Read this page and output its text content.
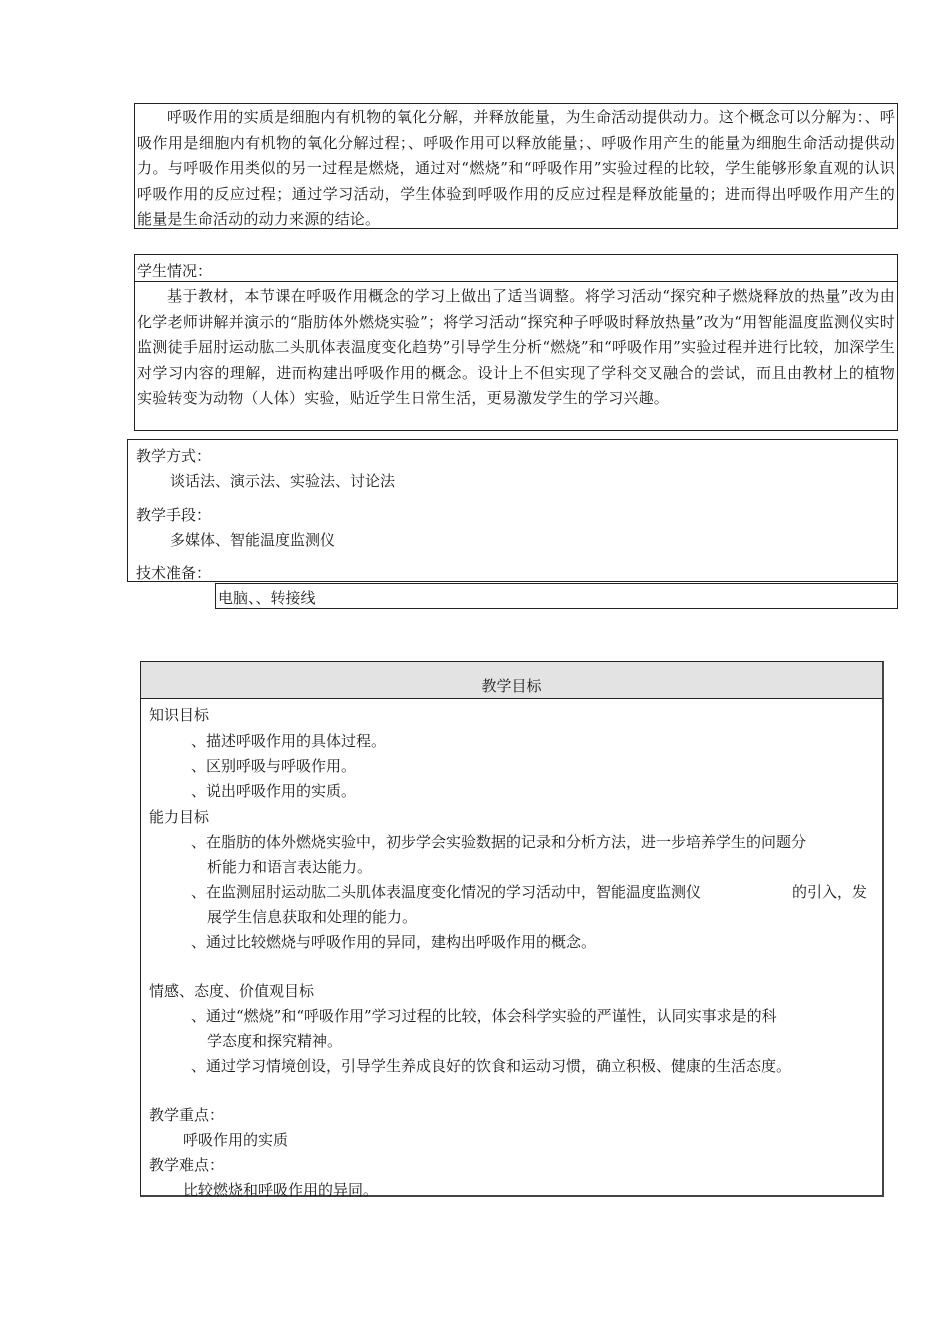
呼吸作用的实质是细胞内有机物的氧化分解，并释放能量，为生命活动提供动力。这个概念可以分解为：、呼吸作用是细胞内有机物的氧化分解过程；、呼吸作用可以释放能量；、呼吸作用产生的能量为细胞生命活动提供动力。与呼吸作用类似的另一过程是燃烧，通过对“燃烧”和“呼吸作用”实验过程的比较，学生能够形象直观的认识呼吸作用的反应过程；通过学习活动，学生体验到呼吸作用的反应过程是释放能量的；进而得出呼吸作用产生的能量是生命活动的动力来源的结论。
学生情况：
基于教材，本节课在呼吸作用概念的学习上做出了适当调整。将学习活动“探究种子燃烧释放的热量”改为由化学老师讲解并演示的“脂肪体外燃烧实验”；将学习活动“探究种子呼吸时释放热量”改为“用智能温度监测仪实时监测徒手屈肘运动肱二头肌体表温度变化趋势”引导学生分析“燃烧”和“呼吸作用”实验过程并进行比较，加深学生对学习内容的理解，进而构建出呼吸作用的概念。设计上不但实现了学科交叉融合的尝试，而且由教材上的植物实验转变为动物（人体）实验，贴近学生日常生活，更易激发学生的学习兴趣。
教学方式：
谈话法、演示法、实验法、讨论法
教学手段：
多媒体、智能温度监测仪
技术准备：
电脑、、转接线
教学目标
知识目标
、描述呼吸作用的具体过程。
、区别呼吸与呼吸作用。
、说出呼吸作用的实质。
能力目标
、在脂肪的体外燃烧实验中，初步学会实验数据的记录和分析方法，进一步培养学生的问题分
析能力和语言表达能力。
、在监测屈肘运动肱二头肌体表温度变化情况的学习活动中，智能温度监测仪	的引入，发
展学生信息获取和处理的能力。
、通过比较燃烧与呼吸作用的异同，建构出呼吸作用的概念。
情感、态度、价值观目标
、通过“燃烧”和“呼吸作用”学习过程的比较，体会科学实验的严谨性，认同实事求是的科
学态度和探究精神。
、通过学习情境创设，引导学生养成良好的饮食和运动习惯，确立积极、健康的生活态度。
教学重点：
呼吸作用的实质
教学难点：
比较燃烧和呼吸作用的异同。
